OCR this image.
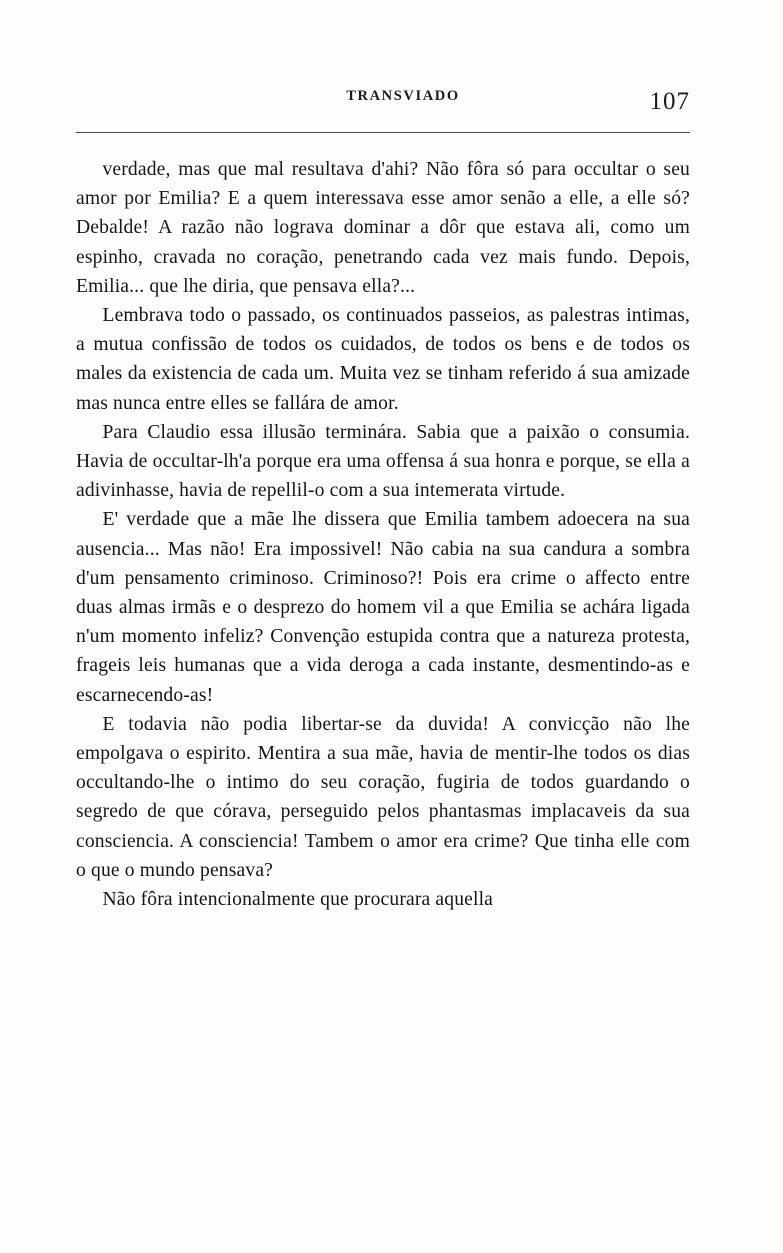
TRANSVIADO	107

verdade, mas que mal resultava d'ahi? Não fôra só para occultar o seu amor por Emilia? E a quem interessava esse amor senão a elle, a elle só? Debalde! A razão não lograva dominar a dôr que estava ali, como um espinho, cravada no coração, penetrando cada vez mais fundo. Depois, Emilia... que lhe diria, que pensava ella?...

Lembrava todo o passado, os continuados passeios, as palestras intimas, a mutua confissão de todos os cuidados, de todos os bens e de todos os males da existencia de cada um. Muita vez se tinham referido á sua amizade mas nunca entre elles se fallára de amor.

Para Claudio essa illusão terminára. Sabia que a paixão o consumia. Havia de occultar-lh'a porque era uma offensa á sua honra e porque, se ella a adivinhasse, havia de repellil-o com a sua intemerata virtude.

E' verdade que a mãe lhe dissera que Emilia tambem adoecera na sua ausencia... Mas não! Era impossivel! Não cabia na sua candura a sombra d'um pensamento criminoso. Criminoso?! Pois era crime o affecto entre duas almas irmãs e o desprezo do homem vil a que Emilia se achára ligada n'um momento infeliz? Convenção estupida contra que a natureza protesta, frageis leis humanas que a vida deroga a cada instante, desmentindo-as e escarnecendo-as!

E todavia não podia libertar-se da duvida! A convicção não lhe empolgava o espirito. Mentira a sua mãe, havia de mentir-lhe todos os dias occultando-lhe o intimo do seu coração, fugiria de todos guardando o segredo de que córava, perseguido pelos phantasmas implacaveis da sua consciencia. A consciencia! Tambem o amor era crime? Que tinha elle com o que o mundo pensava?

Não fôra intencionalmente que procurara aquella
